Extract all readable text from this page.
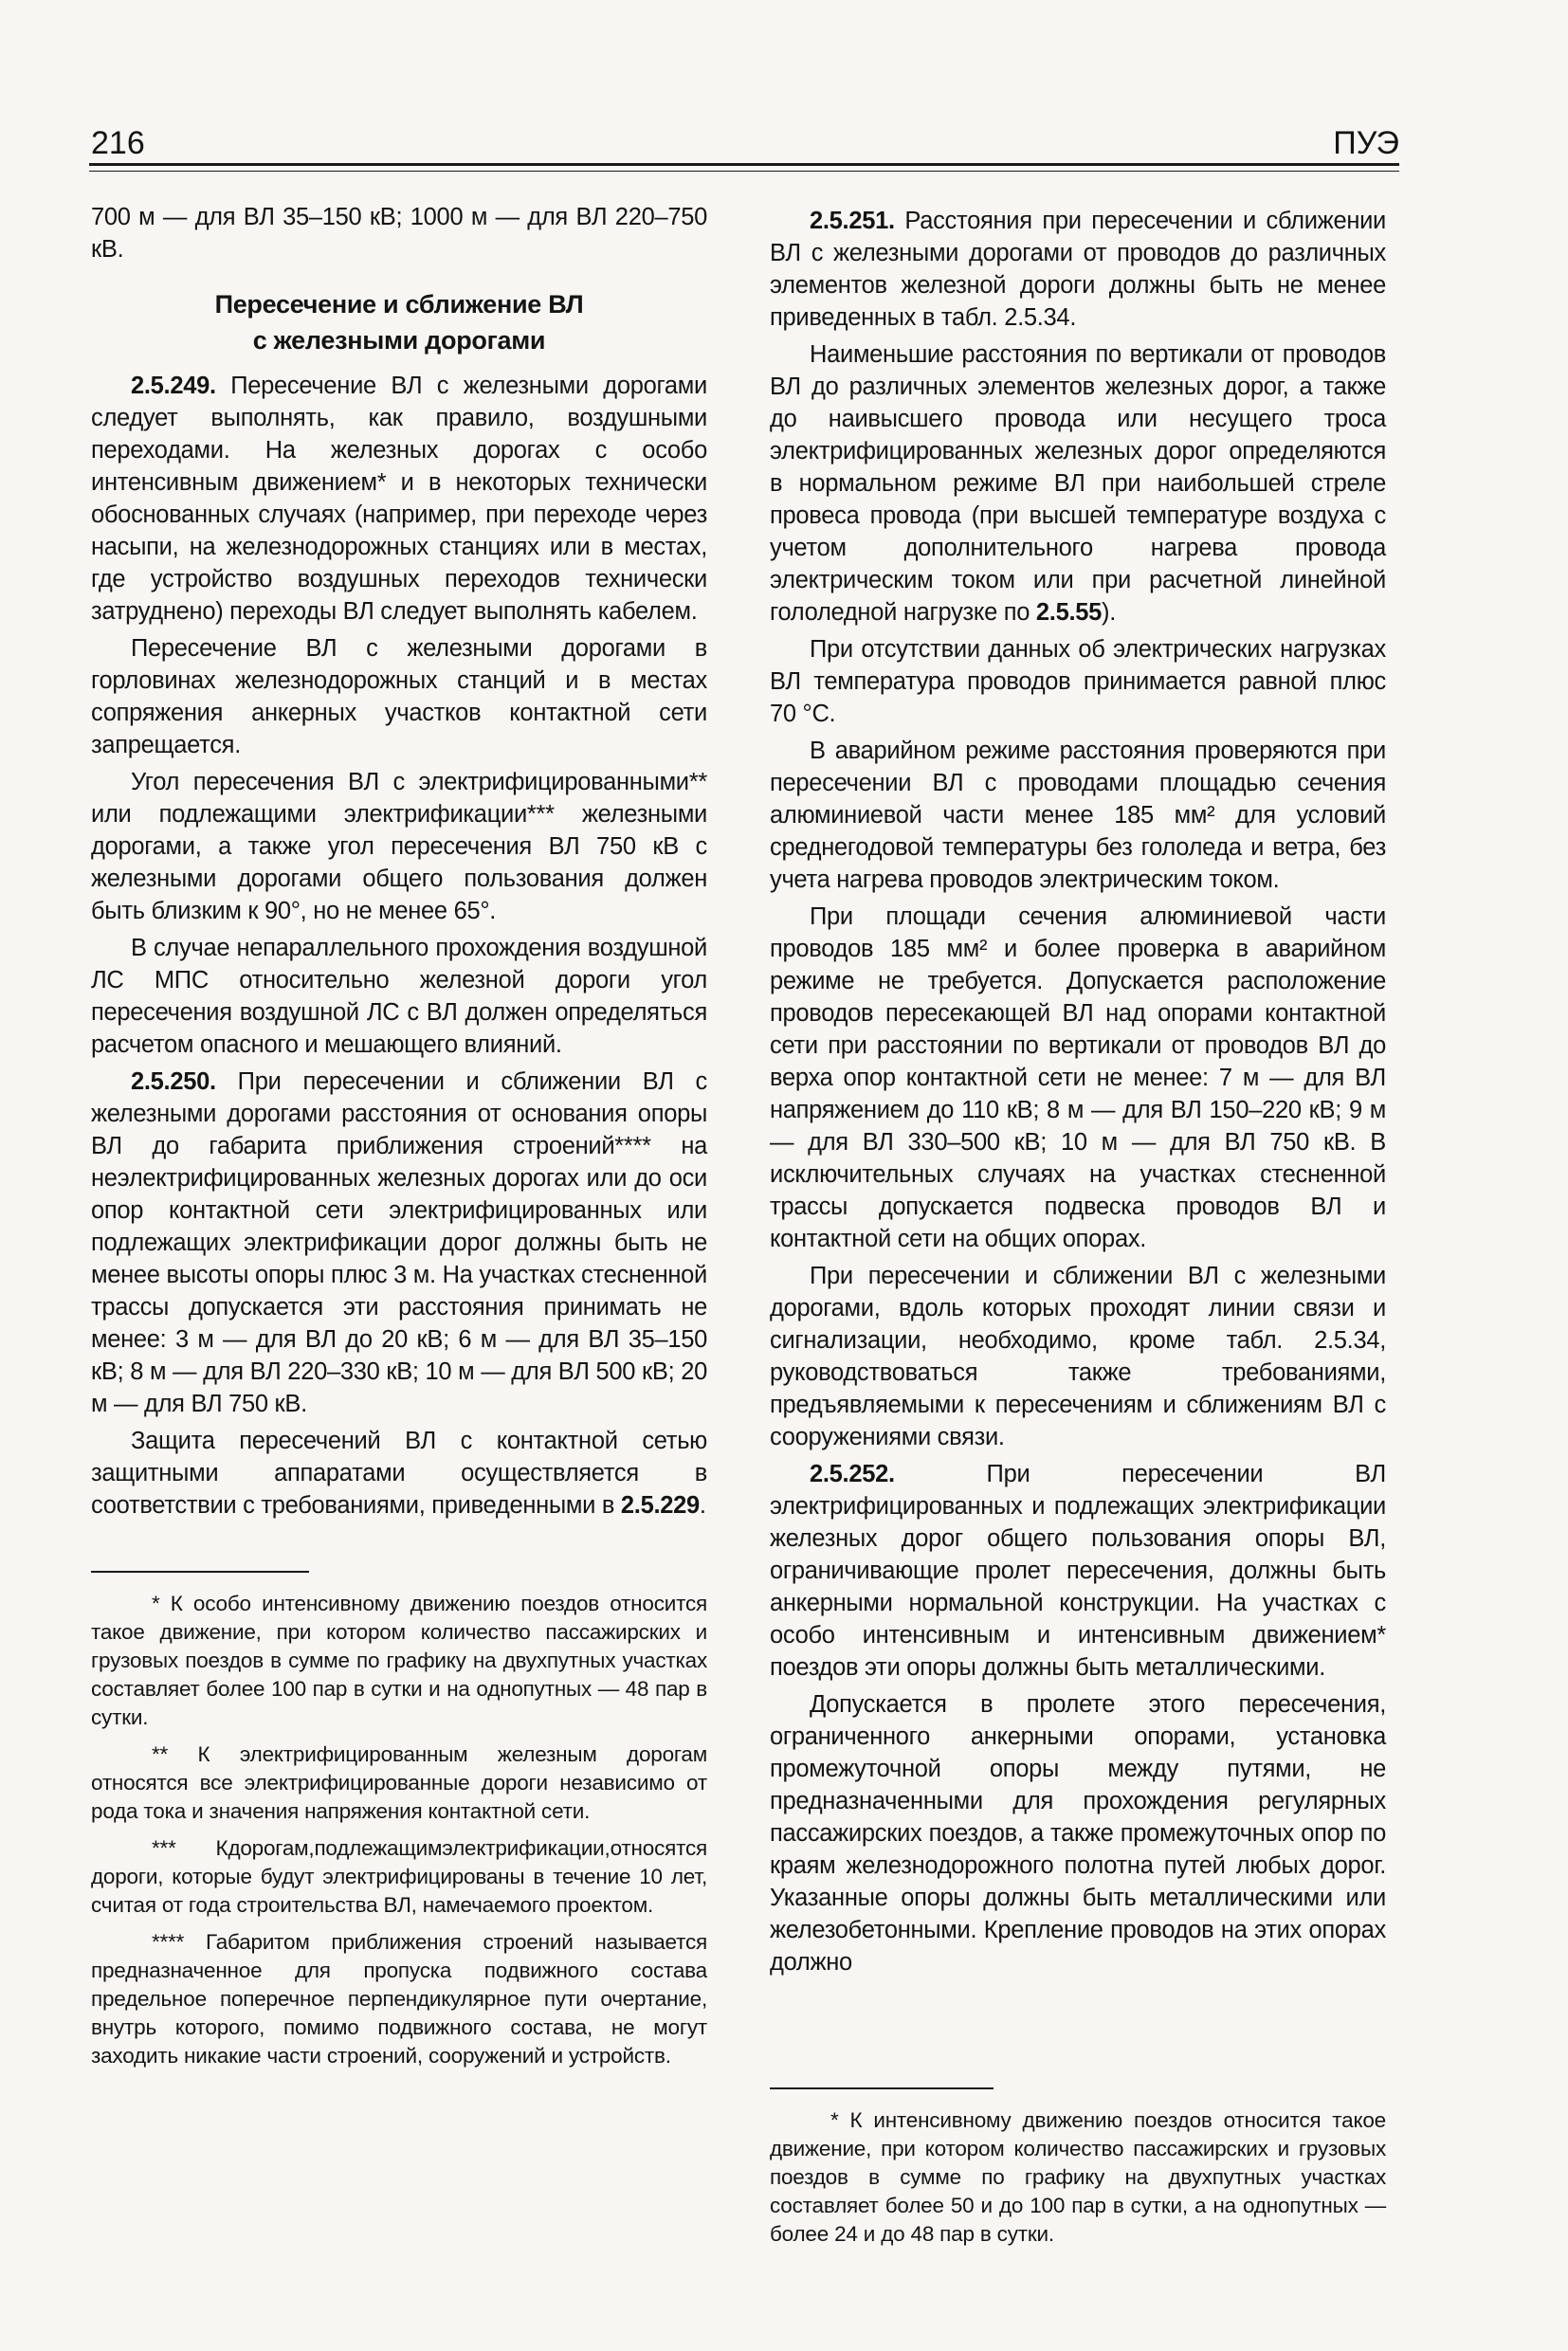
216	ПУЭ

700 м — для ВЛ 35–150 кВ; 1000 м — для ВЛ 220–750 кВ.

Пересечение и сближение ВЛ
с железными дорогами

2.5.249. Пересечение ВЛ с железными дорогами следует выполнять, как правило, воздушными переходами. На железных дорогах с особо интенсивным движением* и в некоторых технически обоснованных случаях (например, при переходе через насыпи, на железнодорожных станциях или в местах, где устройство воздушных переходов технически затруднено) переходы ВЛ следует выполнять кабелем.

Пересечение ВЛ с железными дорогами в горловинах железнодорожных станций и в местах сопряжения анкерных участков контактной сети запрещается.

Угол пересечения ВЛ с электрифицированными** или подлежащими электрификации*** железными дорогами, а также угол пересечения ВЛ 750 кВ с железными дорогами общего пользования должен быть близким к 90°, но не менее 65°.

В случае непараллельного прохождения воздушной ЛС МПС относительно железной дороги угол пересечения воздушной ЛС с ВЛ должен определяться расчетом опасного и мешающего влияний.

2.5.250. При пересечении и сближении ВЛ с железными дорогами расстояния от основания опоры ВЛ до габарита приближения строений**** на неэлектрифицированных железных дорогах или до оси опор контактной сети электрифицированных или подлежащих электрификации дорог должны быть не менее высоты опоры плюс 3 м. На участках стесненной трассы допускается эти расстояния принимать не менее: 3 м — для ВЛ до 20 кВ; 6 м — для ВЛ 35–150 кВ; 8 м — для ВЛ 220–330 кВ; 10 м — для ВЛ 500 кВ; 20 м — для ВЛ 750 кВ.

Защита пересечений ВЛ с контактной сетью защитными аппаратами осуществляется в соответствии с требованиями, приведенными в 2.5.229.

* К особо интенсивному движению поездов относится такое движение, при котором количество пассажирских и грузовых поездов в сумме по графику на двухпутных участках составляет более 100 пар в сутки и на однопутных — 48 пар в сутки.

** К электрифицированным железным дорогам относятся все электрифицированные дороги независимо от рода тока и значения напряжения контактной сети.

*** Кдорогам,подлежащимэлектрификации,относятся дороги, которые будут электрифицированы в течение 10 лет, считая от года строительства ВЛ, намечаемого проектом.

**** Габаритом приближения строений называется предназначенное для пропуска подвижного состава предельное поперечное перпендикулярное пути очертание, внутрь которого, помимо подвижного состава, не могут заходить никакие части строений, сооружений и устройств.

2.5.251. Расстояния при пересечении и сближении ВЛ с железными дорогами от проводов до различных элементов железной дороги должны быть не менее приведенных в табл. 2.5.34.

Наименьшие расстояния по вертикали от проводов ВЛ до различных элементов железных дорог, а также до наивысшего провода или несущего троса электрифицированных железных дорог определяются в нормальном режиме ВЛ при наибольшей стреле провеса провода (при высшей температуре воздуха с учетом дополнительного нагрева провода электрическим током или при расчетной линейной гололедной нагрузке по 2.5.55).

При отсутствии данных об электрических нагрузках ВЛ температура проводов принимается равной плюс 70 °С.

В аварийном режиме расстояния проверяются при пересечении ВЛ с проводами площадью сечения алюминиевой части менее 185 мм² для условий среднегодовой температуры без гололеда и ветра, без учета нагрева проводов электрическим током.

При площади сечения алюминиевой части проводов 185 мм² и более проверка в аварийном режиме не требуется. Допускается расположение проводов пересекающей ВЛ над опорами контактной сети при расстоянии по вертикали от проводов ВЛ до верха опор контактной сети не менее: 7 м — для ВЛ напряжением до 110 кВ; 8 м — для ВЛ 150–220 кВ; 9 м — для ВЛ 330–500 кВ; 10 м — для ВЛ 750 кВ. В исключительных случаях на участках стесненной трассы допускается подвеска проводов ВЛ и контактной сети на общих опорах.

При пересечении и сближении ВЛ с железными дорогами, вдоль которых проходят линии связи и сигнализации, необходимо, кроме табл. 2.5.34, руководствоваться также требованиями, предъявляемыми к пересечениям и сближениям ВЛ с сооружениями связи.

2.5.252. При пересечении ВЛ электрифицированных и подлежащих электрификации железных дорог общего пользования опоры ВЛ, ограничивающие пролет пересечения, должны быть анкерными нормальной конструкции. На участках с особо интенсивным и интенсивным движением* поездов эти опоры должны быть металлическими.

Допускается в пролете этого пересечения, ограниченного анкерными опорами, установка промежуточной опоры между путями, не предназначенными для прохождения регулярных пассажирских поездов, а также промежуточных опор по краям железнодорожного полотна путей любых дорог. Указанные опоры должны быть металлическими или железобетонными. Крепление проводов на этих опорах должно

* К интенсивному движению поездов относится такое движение, при котором количество пассажирских и грузовых поездов в сумме по графику на двухпутных участках составляет более 50 и до 100 пар в сутки, а на однопутных — более 24 и до 48 пар в сутки.
